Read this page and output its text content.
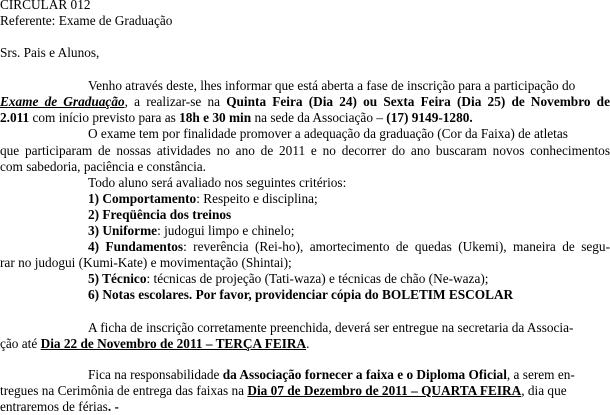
CIRCULAR 012
Referente: Exame de Graduação
Srs. Pais e Alunos,
Venho através deste, lhes informar que está aberta a fase de inscrição para a participação do
Exame de Graduação, a realizar-se na Quinta Feira (Dia 24) ou Sexta Feira (Dia 25) de Novembro de
2.011 com início previsto para as 18h e 30 min na sede da Associação – (17) 9149-1280.
O exame tem por finalidade promover a adequação da graduação (Cor da Faixa) de atletas
que participaram de nossas atividades no ano de 2011 e no decorrer do ano buscaram novos conhecimentos
com sabedoria, paciência e constância.
Todo aluno será avaliado nos seguintes critérios:
1) Comportamento: Respeito e disciplina;
2) Freqüência dos treinos
3) Uniforme: judogui limpo e chinelo;
4) Fundamentos: reverência (Rei-ho), amortecimento de quedas (Ukemi), maneira de segu-
rar no judogui (Kumi-Kate) e movimentação (Shintai);
5) Técnico: técnicas de projeção (Tati-waza) e técnicas de chão (Ne-waza);
6) Notas escolares. Por favor, providenciar cópia do BOLETIM ESCOLAR
A ficha de inscrição corretamente preenchida, deverá ser entregue na secretaria da Associa-
ção até Dia 22 de Novembro de 2011 – TERÇA FEIRA.
Fica na responsabilidade da Associação fornecer a faixa e o Diploma Oficial, a serem en-
tregues na Cerimônia de entrega das faixas na Dia 07 de Dezembro de 2011 – QUARTA FEIRA, dia que
entraremos de férias. -
